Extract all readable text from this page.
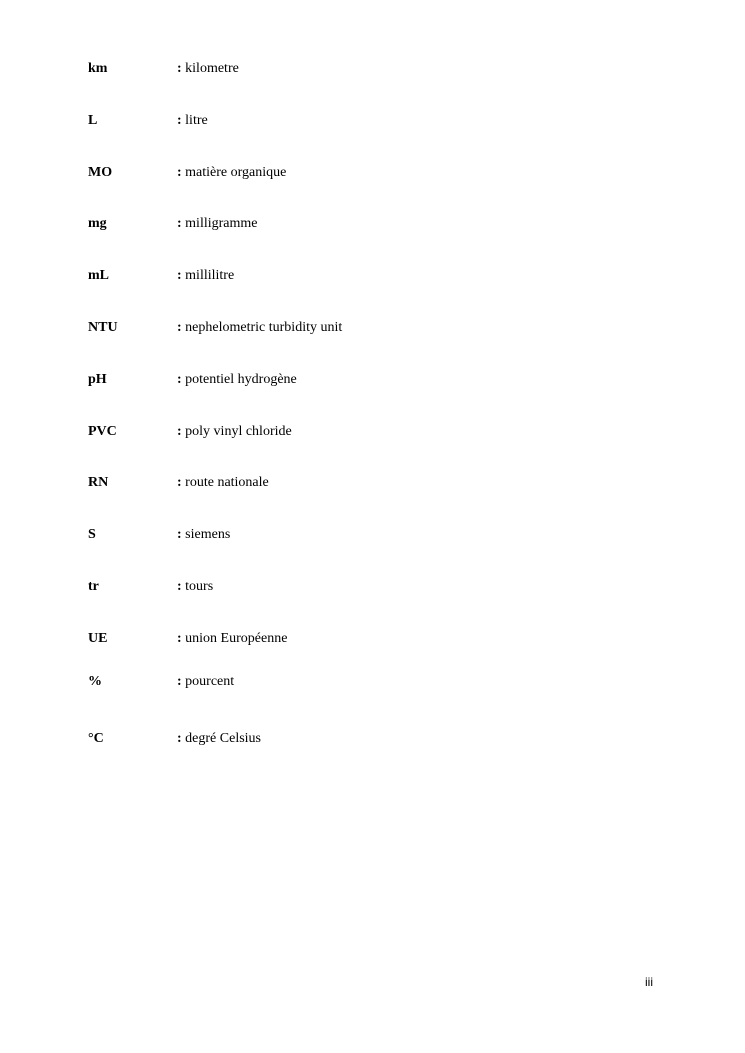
km	: kilometre
L	: litre
MO	: matière organique
mg	: milligramme
mL	: millilitre
NTU	: nephelometric turbidity unit
pH	: potentiel hydrogène
PVC	: poly vinyl chloride
RN	: route nationale
S	: siemens
tr	: tours
UE	: union Européenne
%	: pourcent
°C	: degré Celsius
iii
